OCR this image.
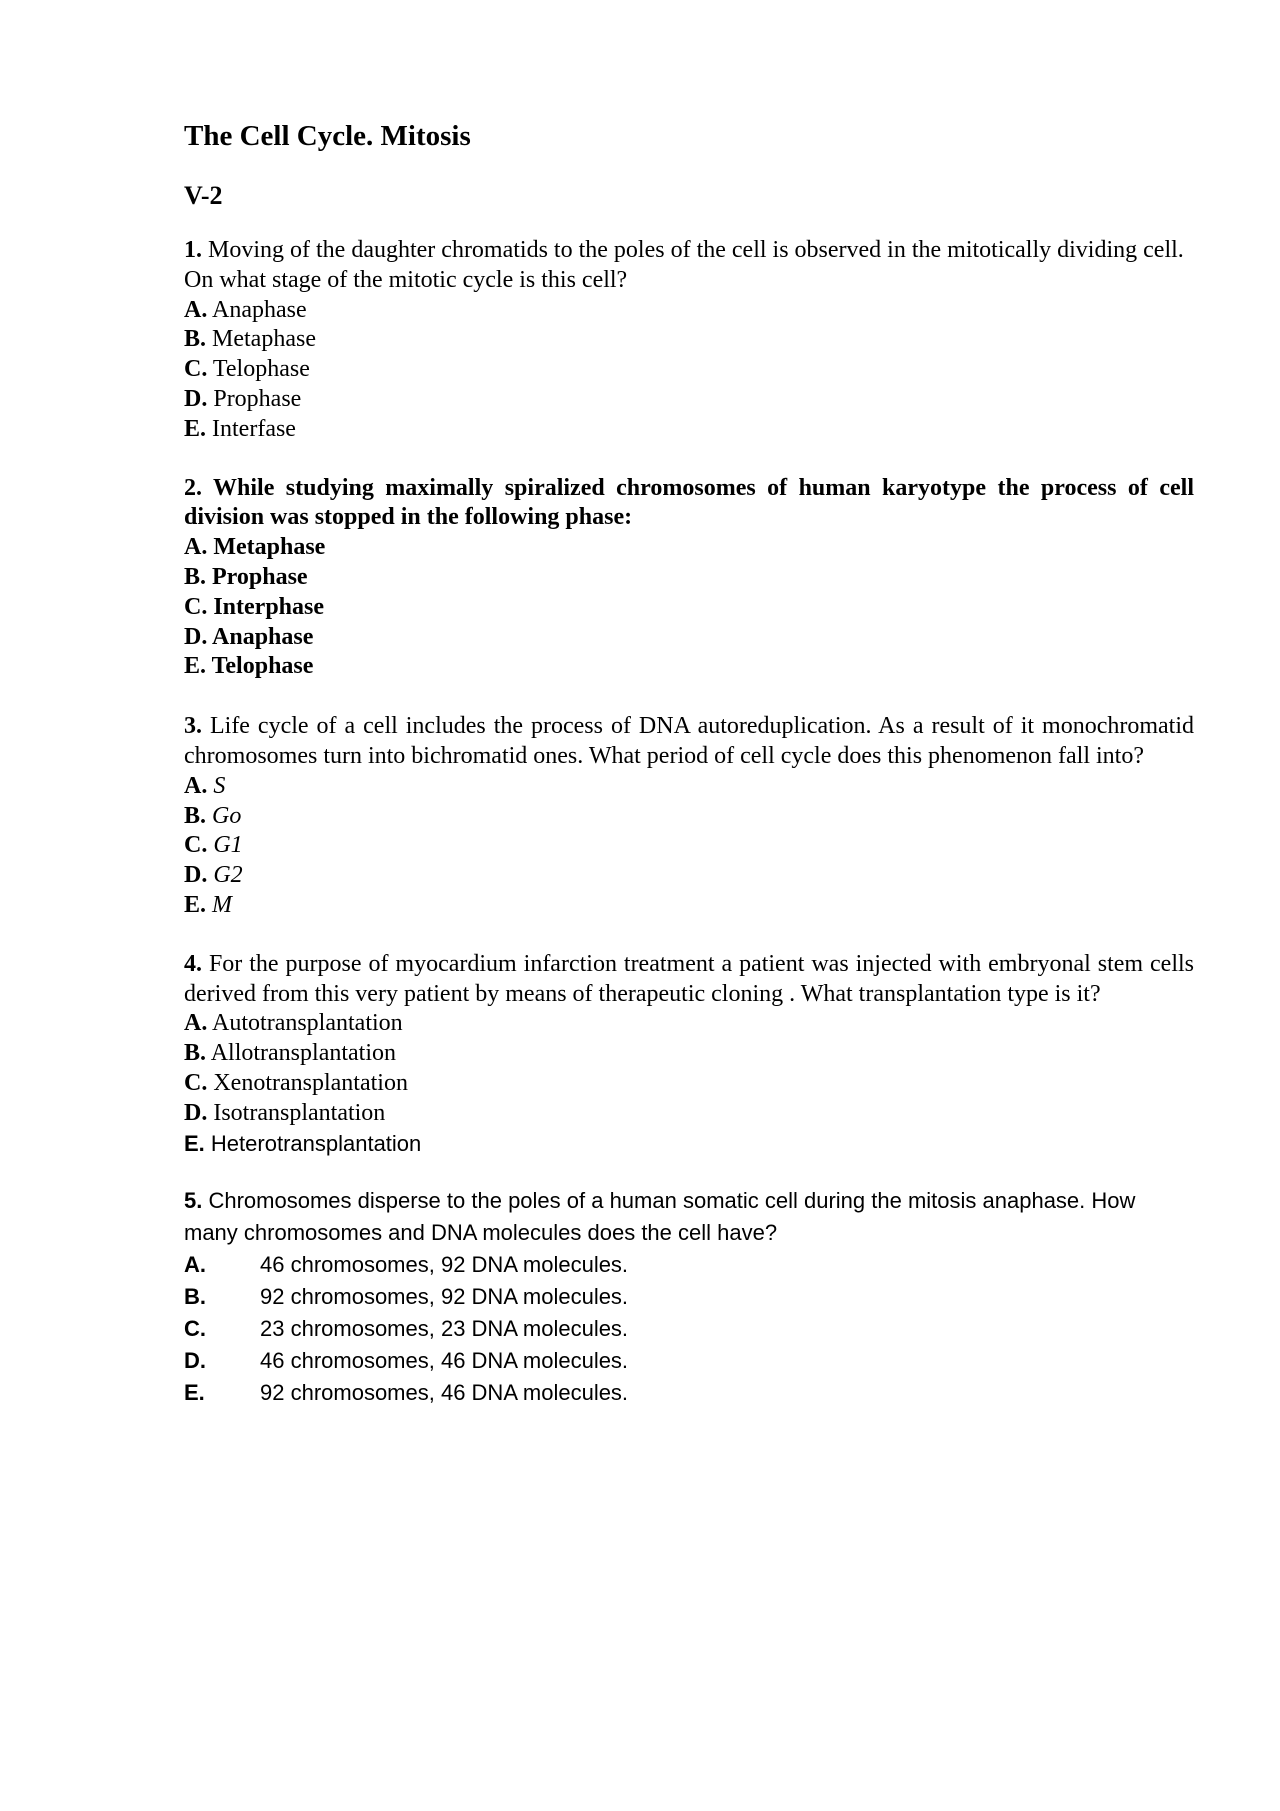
The Cell Cycle. Mitosis
V-2

1. Moving of the daughter chromatids to the poles of the cell is observed in the mitotically dividing cell. On what stage of the mitotic cycle is this cell?

A. Anaphase
B. Metaphase
C. Telophase
D. Prophase
E. Interfase

2. While studying maximally spiralized chromosomes of human karyotype the process of cell division was stopped in the following phase:

A. Metaphase
B. Prophase
C. Interphase
D. Anaphase
E. Telophase

3. Life cycle of a cell includes the process of DNA autoreduplication. As a result of it monochromatid chromosomes turn into bichromatid ones. What period of cell cycle does this phenomenon fall into?

A. S
B. Go
C. G1
D. G2
E. M

4. For the purpose of myocardium infarction treatment a patient was injected with embryonal stem cells derived from this very patient by means of therapeutic cloning . What transplantation type is it?

A. Autotransplantation
B. Allotransplantation
C. Xenotransplantation
D. Isotransplantation
E. Heterotransplantation

5. Chromosomes disperse to the poles of a human somatic cell during the mitosis anaphase. How many chromosomes and DNA molecules does the cell have?

A.	46 chromosomes, 92 DNA molecules.
B.	92 chromosomes, 92 DNA molecules.
C.	23 chromosomes, 23 DNA molecules.
D.	46 chromosomes, 46 DNA molecules.
E.	92 chromosomes, 46 DNA molecules.
